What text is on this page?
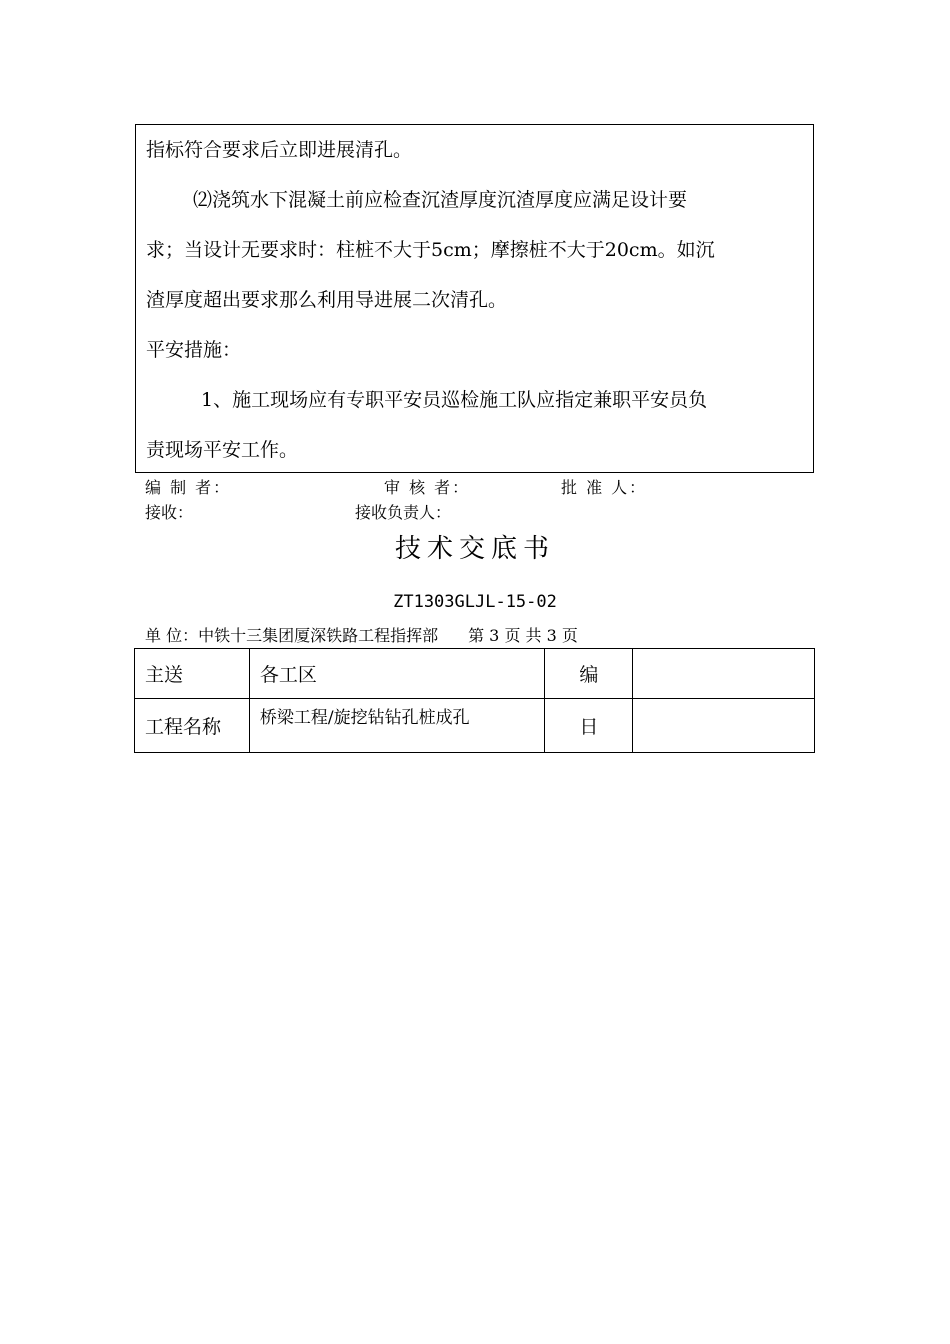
指标符合要求后立即进展清孔。
⑵浇筑水下混凝土前应检查沉渣厚度沉渣厚度应满足设计要
求；当设计无要求时：柱桩不大于5cm；摩擦桩不大于20cm。如沉
渣厚度超出要求那么利用导进展二次清孔。
平安措施：
1、施工现场应有专职平安员巡检施工队应指定兼职平安员负
责现场平安工作。
编 制 者：	审 核 者：	批 准 人：
接收：	接收负责人：
技术交底书
ZT1303GLJL-15-02
单 位：中铁十三集团厦深铁路工程指挥部 第 3 页 共 3 页
主送	各工区	编	
工程名称	桥梁工程/旋挖钻钻孔桩成孔	日	
